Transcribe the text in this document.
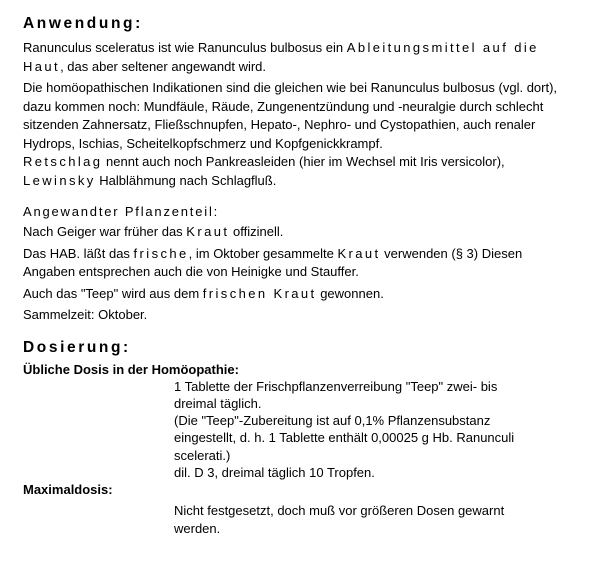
Anwendung:

Ranunculus sceleratus ist wie Ranunculus bulbosus ein Ableitungsmittel auf die Haut, das aber seltener angewandt wird.

Die homöopathischen Indikationen sind die gleichen wie bei Ranunculus bulbosus (vgl. dort), dazu kommen noch: Mundfäule, Räude, Zungenentzündung und -neuralgie durch schlecht sitzenden Zahnersatz, Fließschnupfen, Hepato-, Nephro- und Cystopathien, auch renaler Hydrops, Ischias, Scheitelkopfschmerz und Kopfgenickkrampf.
Retschlag nennt auch noch Pankreasleiden (hier im Wechsel mit Iris versicolor),
Lewinsky Halblähmung nach Schlagfluß.

Angewandter Pflanzenteil:

Nach Geiger war früher das Kraut offizinell.

Das HAB. läßt das frische, im Oktober gesammelte Kraut verwenden (§ 3) Diesen Angaben entsprechen auch die von Heinigke und Stauffer.

Auch das "Teep" wird aus dem frischen Kraut gewonnen.

Sammelzeit: Oktober.

Dosierung:
Übliche Dosis in der Homöopathie:
1 Tablette der Frischpflanzenverreibung "Teep" zwei- bis
dreimal täglich.
(Die "Teep"-Zubereitung ist auf 0,1% Pflanzensubstanz
eingestellt, d. h. 1 Tablette enthält 0,00025 g Hb. Ranunculi
scelerati.)
dil. D 3, dreimal täglich 10 Tropfen.
Maximaldosis:
Nicht festgesetzt, doch muß vor größeren Dosen gewarnt
werden.
